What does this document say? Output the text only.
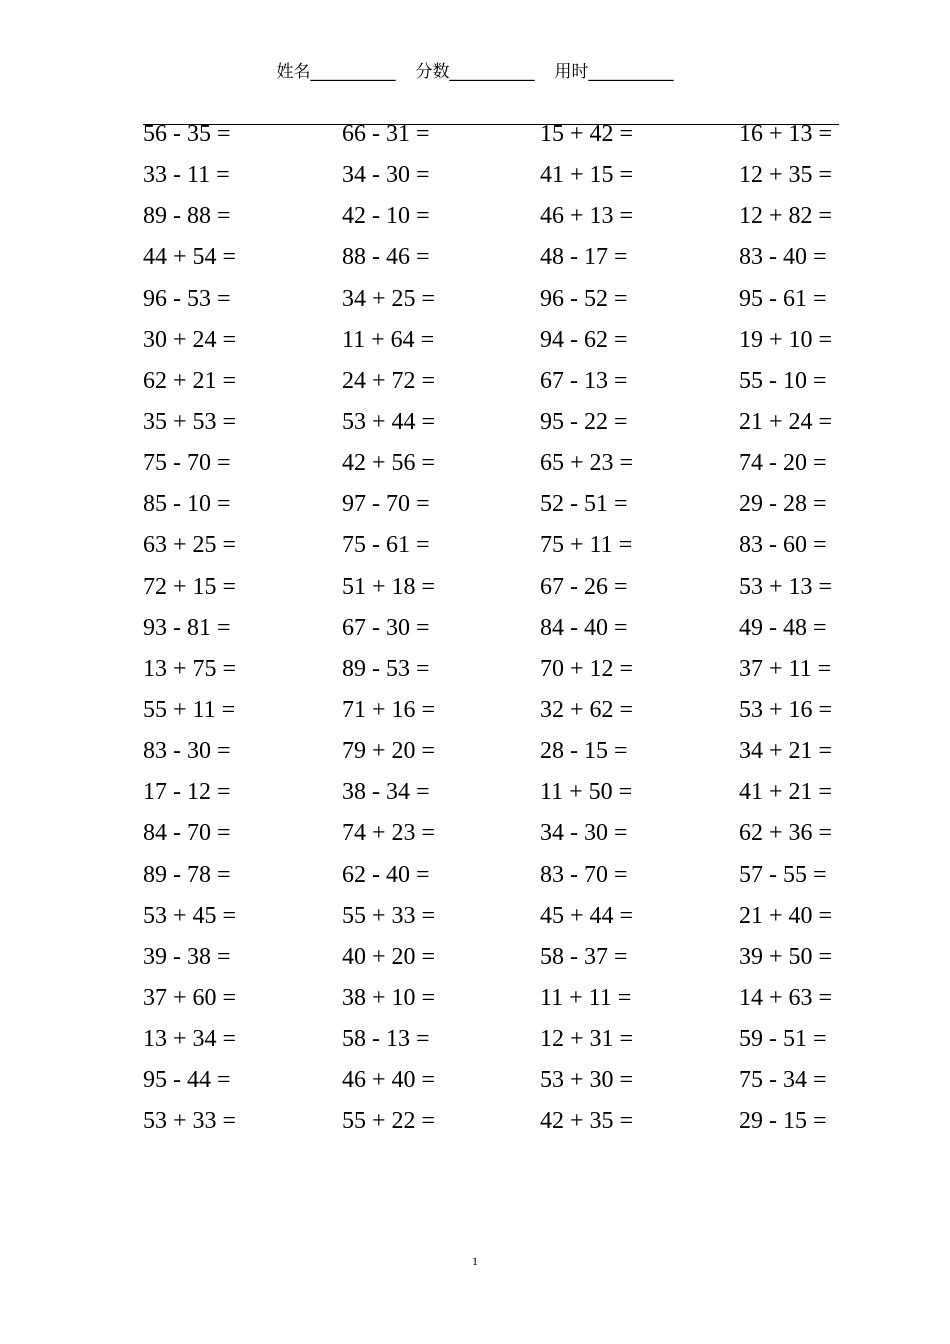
姓名__________ 分数__________ 用时__________
56 - 35 =	66 - 31 =	15 + 42 =	16 + 13 =
33 - 11 =	34 - 30 =	41 + 15 =	12 + 35 =
89 - 88 =	42 - 10 =	46 + 13 =	12 + 82 =
44 + 54 =	88 - 46 =	48 - 17 =	83 - 40 =
96 - 53 =	34 + 25 =	96 - 52 =	95 - 61 =
30 + 24 =	11 + 64 =	94 - 62 =	19 + 10 =
62 + 21 =	24 + 72 =	67 - 13 =	55 - 10 =
35 + 53 =	53 + 44 =	95 - 22 =	21 + 24 =
75 - 70 =	42 + 56 =	65 + 23 =	74 - 20 =
85 - 10 =	97 - 70 =	52 - 51 =	29 - 28 =
63 + 25 =	75 - 61 =	75 + 11 =	83 - 60 =
72 + 15 =	51 + 18 =	67 - 26 =	53 + 13 =
93 - 81 =	67 - 30 =	84 - 40 =	49 - 48 =
13 + 75 =	89 - 53 =	70 + 12 =	37 + 11 =
55 + 11 =	71 + 16 =	32 + 62 =	53 + 16 =
83 - 30 =	79 + 20 =	28 - 15 =	34 + 21 =
17 - 12 =	38 - 34 =	11 + 50 =	41 + 21 =
84 - 70 =	74 + 23 =	34 - 30 =	62 + 36 =
89 - 78 =	62 - 40 =	83 - 70 =	57 - 55 =
53 + 45 =	55 + 33 =	45 + 44 =	21 + 40 =
39 - 38 =	40 + 20 =	58 - 37 =	39 + 50 =
37 + 60 =	38 + 10 =	11 + 11 =	14 + 63 =
13 + 34 =	58 - 13 =	12 + 31 =	59 - 51 =
95 - 44 =	46 + 40 =	53 + 30 =	75 - 34 =
53 + 33 =	55 + 22 =	42 + 35 =	29 - 15 =
1
